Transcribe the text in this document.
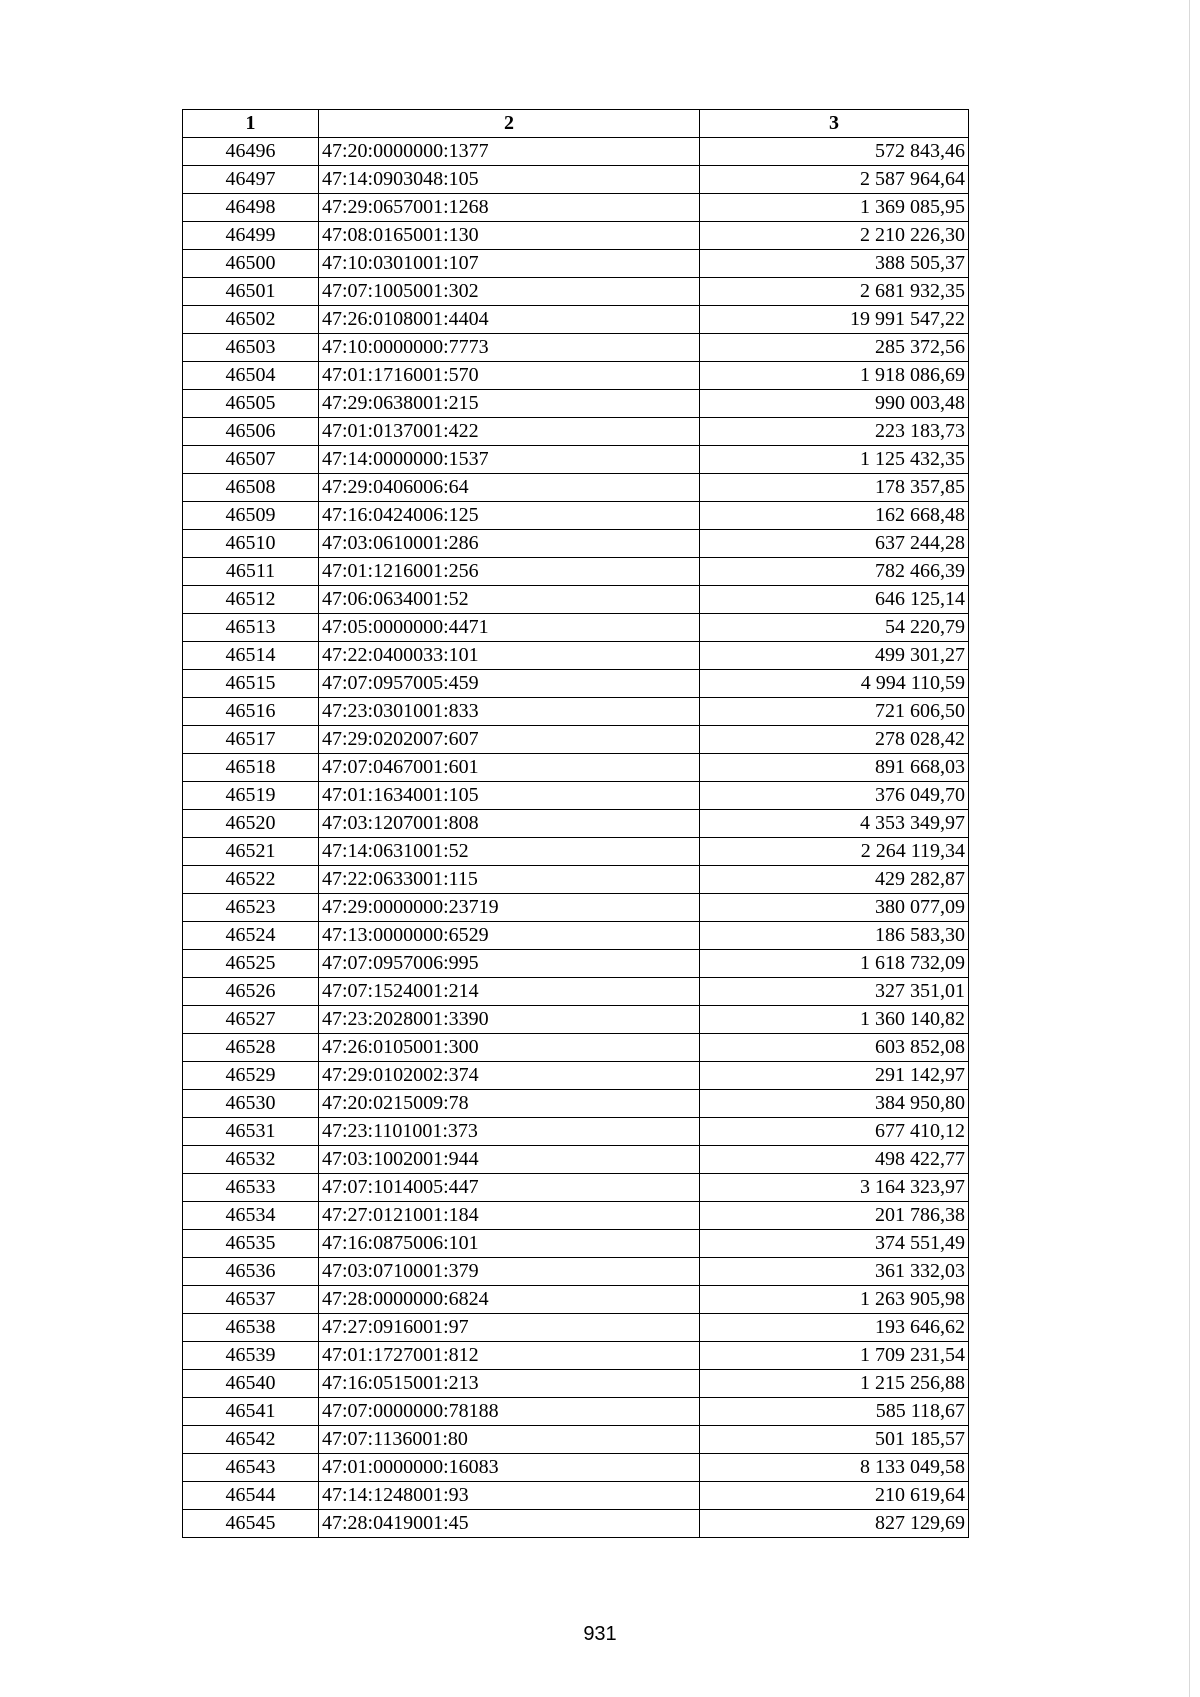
1	2	3
46496	47:20:0000000:1377	572 843,46
46497	47:14:0903048:105	2 587 964,64
46498	47:29:0657001:1268	1 369 085,95
46499	47:08:0165001:130	2 210 226,30
46500	47:10:0301001:107	388 505,37
46501	47:07:1005001:302	2 681 932,35
46502	47:26:0108001:4404	19 991 547,22
46503	47:10:0000000:7773	285 372,56
46504	47:01:1716001:570	1 918 086,69
46505	47:29:0638001:215	990 003,48
46506	47:01:0137001:422	223 183,73
46507	47:14:0000000:1537	1 125 432,35
46508	47:29:0406006:64	178 357,85
46509	47:16:0424006:125	162 668,48
46510	47:03:0610001:286	637 244,28
46511	47:01:1216001:256	782 466,39
46512	47:06:0634001:52	646 125,14
46513	47:05:0000000:4471	54 220,79
46514	47:22:0400033:101	499 301,27
46515	47:07:0957005:459	4 994 110,59
46516	47:23:0301001:833	721 606,50
46517	47:29:0202007:607	278 028,42
46518	47:07:0467001:601	891 668,03
46519	47:01:1634001:105	376 049,70
46520	47:03:1207001:808	4 353 349,97
46521	47:14:0631001:52	2 264 119,34
46522	47:22:0633001:115	429 282,87
46523	47:29:0000000:23719	380 077,09
46524	47:13:0000000:6529	186 583,30
46525	47:07:0957006:995	1 618 732,09
46526	47:07:1524001:214	327 351,01
46527	47:23:2028001:3390	1 360 140,82
46528	47:26:0105001:300	603 852,08
46529	47:29:0102002:374	291 142,97
46530	47:20:0215009:78	384 950,80
46531	47:23:1101001:373	677 410,12
46532	47:03:1002001:944	498 422,77
46533	47:07:1014005:447	3 164 323,97
46534	47:27:0121001:184	201 786,38
46535	47:16:0875006:101	374 551,49
46536	47:03:0710001:379	361 332,03
46537	47:28:0000000:6824	1 263 905,98
46538	47:27:0916001:97	193 646,62
46539	47:01:1727001:812	1 709 231,54
46540	47:16:0515001:213	1 215 256,88
46541	47:07:0000000:78188	585 118,67
46542	47:07:1136001:80	501 185,57
46543	47:01:0000000:16083	8 133 049,58
46544	47:14:1248001:93	210 619,64
46545	47:28:0419001:45	827 129,69
931
